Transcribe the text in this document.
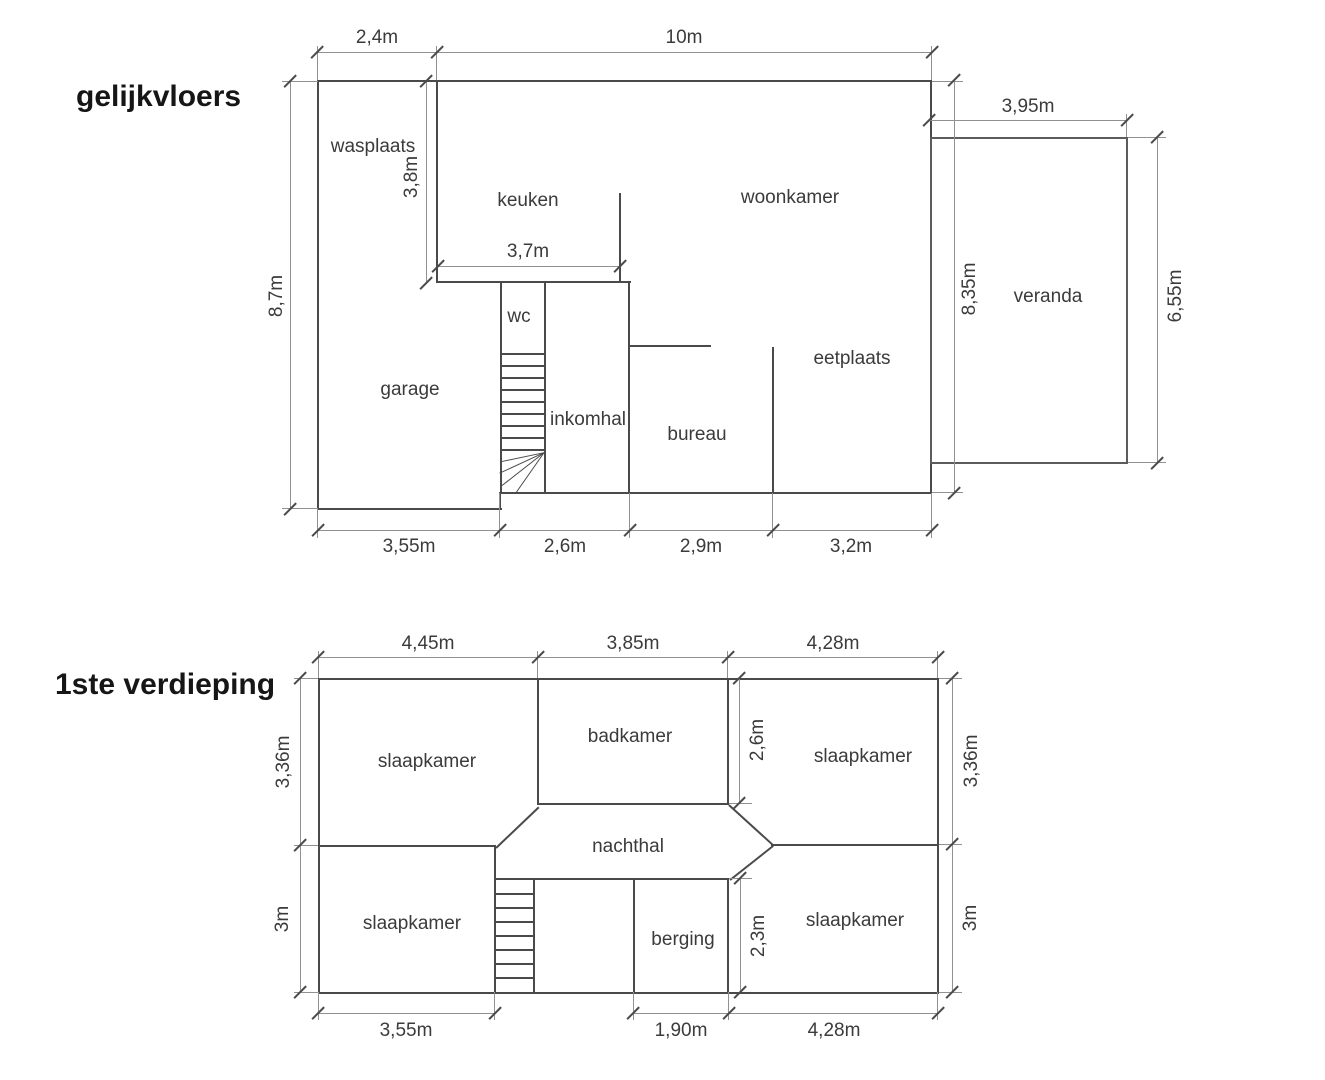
gelijkvloers
wasplaats
keuken	woonkamer
wc
garage
inkomhal
bureau
eetplaats
veranda
2,4m	10m
3,95m
8,7m
3,8m
3,7m
8,35m	6,55m
3,55m	2,6m	2,9m	3,2m
1ste verdieping
slaapkamer
badkamer
slaapkamer
nachthal
slaapkamer
berging
slaapkamer
4,45m	3,85m	4,28m
3,36m
3m
2,6m
2,3m
3,36m
3m
3,55m	1,90m	4,28m
